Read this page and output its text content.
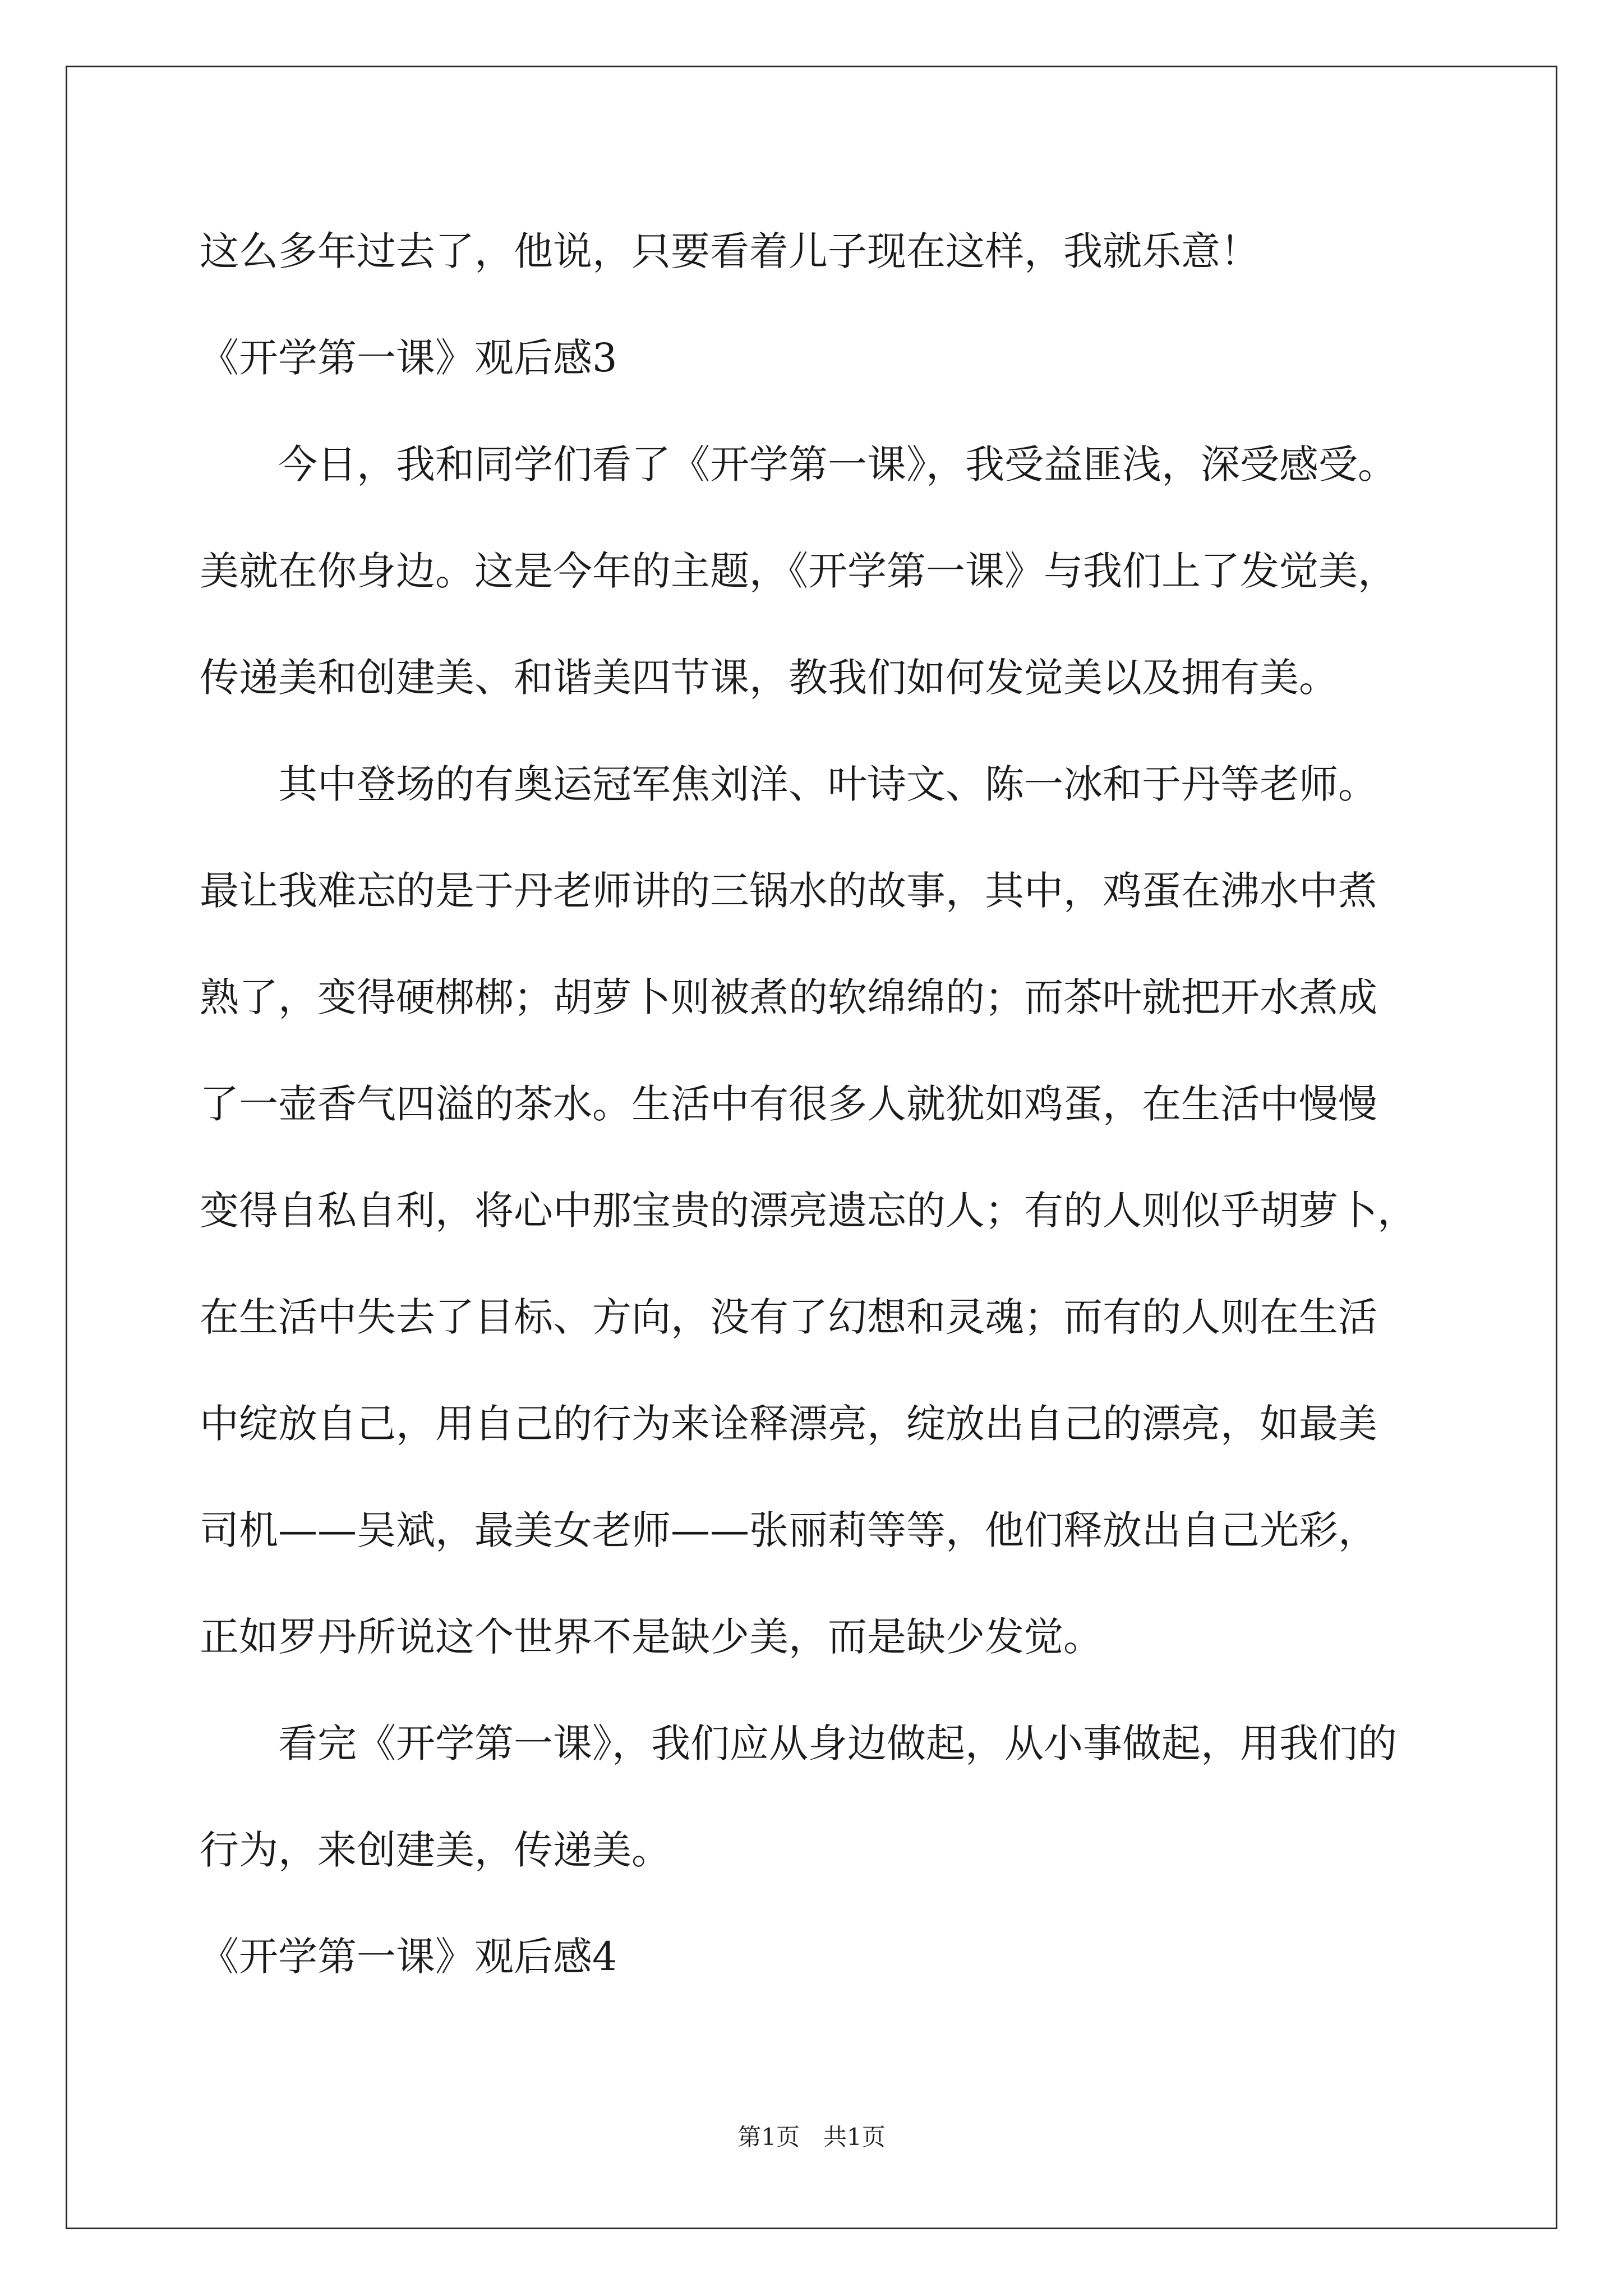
这么多年过去了，他说，只要看着儿子现在这样，我就乐意！
《开学第一课》观后感3
今日，我和同学们看了《开学第一课》，我受益匪浅，深受感受。
美就在你身边。这是今年的主题，《开学第一课》与我们上了发觉美，
传递美和创建美、和谐美四节课，教我们如何发觉美以及拥有美。
其中登场的有奥运冠军焦刘洋、叶诗文、陈一冰和于丹等老师。
最让我难忘的是于丹老师讲的三锅水的故事，其中，鸡蛋在沸水中煮
熟了，变得硬梆梆；胡萝卜则被煮的软绵绵的；而茶叶就把开水煮成
了一壶香气四溢的茶水。生活中有很多人就犹如鸡蛋，在生活中慢慢
变得自私自利，将心中那宝贵的漂亮遗忘的人；有的人则似乎胡萝卜，
在生活中失去了目标、方向，没有了幻想和灵魂；而有的人则在生活
中绽放自己，用自己的行为来诠释漂亮，绽放出自己的漂亮，如最美
司机——吴斌，最美女老师——张丽莉等等，他们释放出自己光彩，
正如罗丹所说这个世界不是缺少美，而是缺少发觉。
看完《开学第一课》，我们应从身边做起，从小事做起，用我们的
行为，来创建美，传递美。
《开学第一课》观后感4
第1页　共1页
